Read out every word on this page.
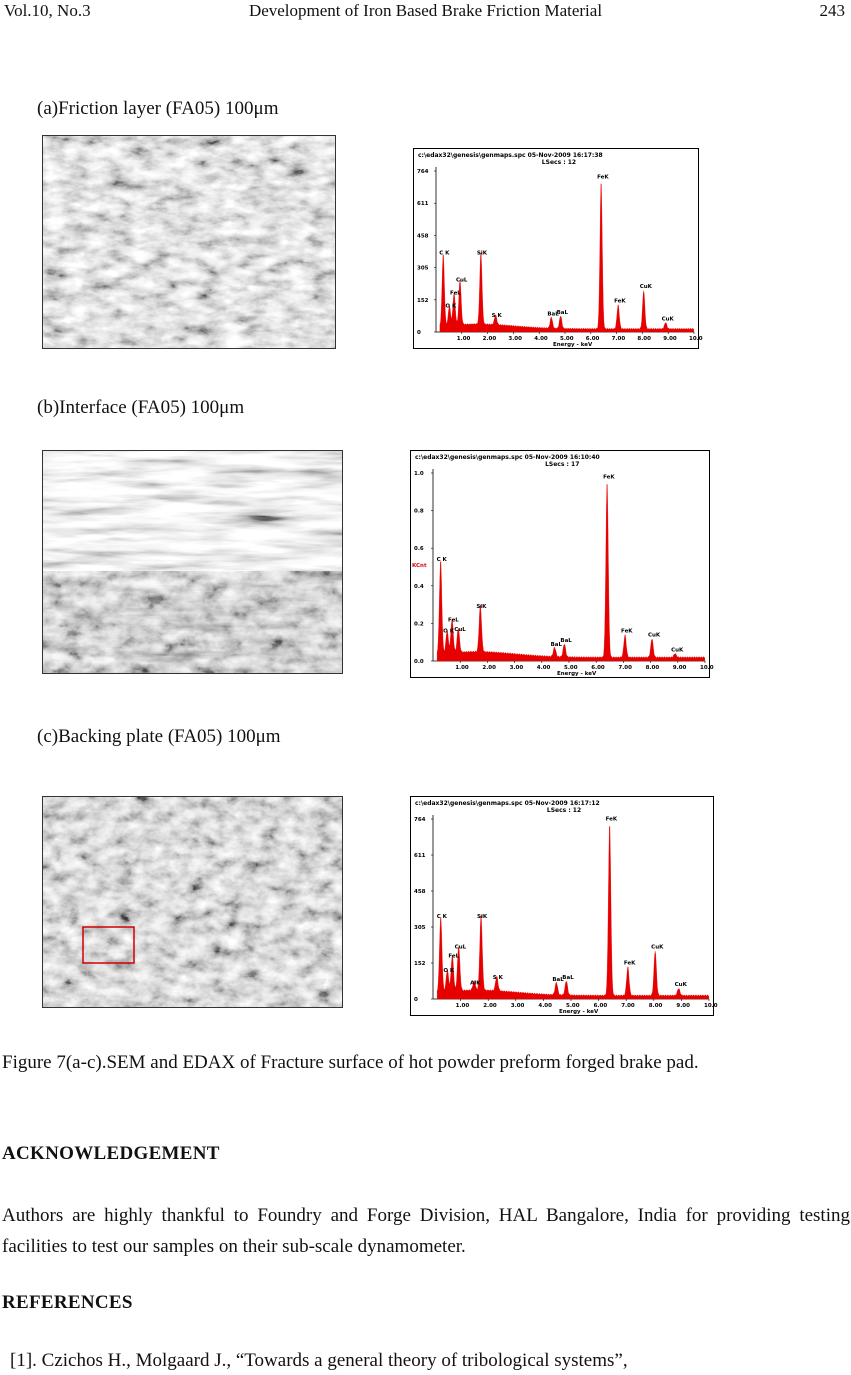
Vol.10, No.3	Development of Iron Based Brake Friction Material	243
(a)Friction layer (FA05) 100μm
c:\edax32\genesis\genmaps.spc 05-Nov-2009 16:17:38
LSecs : 12
764
611
458
305
152
0
1.00 2.00 3.00 4.00 5.00 6.00 7.00 8.00 9.00 10.0
Energy - keV
C K
O K
FeL
CuL
SiK
S K	BaL
BaL
FeK
FeK
CuK
CuK
(b)Interface (FA05) 100μm
c:\edax32\genesis\genmaps.spc 05-Nov-2009 16:10:40
LSecs : 17
1.0
0.8
0.6
0.4
0.2
0.0
KCnt
1.00 2.00 3.00 4.00 5.00 6.00 7.00 8.00 9.00 10.0
Energy - keV
C K
O K
FeL
CuL
SiK
BaL
BaL
FeK
FeK
CuK
CuK
(c)Backing plate (FA05) 100μm
c:\edax32\genesis\genmaps.spc 05-Nov-2009 16:17:12
LSecs : 12
764
611
458
305
152
0
1.00	2.00	3.00	4.00	5.00	6.00	7.00	8.00	9.00	10.0
Energy - keV
C K
O K
FeL
CuL
AlK
SiK
S K	BaL
BaL
FeK
FeK
CuK
CuK
Figure 7(a-c).SEM and EDAX of Fracture surface of hot powder preform forged brake pad.
ACKNOWLEDGEMENT
Authors are highly thankful to Foundry and Forge Division, HAL Bangalore, India for providing testing facilities to test our samples on their sub-scale dynamometer.
REFERENCES
[1]. Czichos H., Molgaard J., “Towards a general theory of tribological systems”,
